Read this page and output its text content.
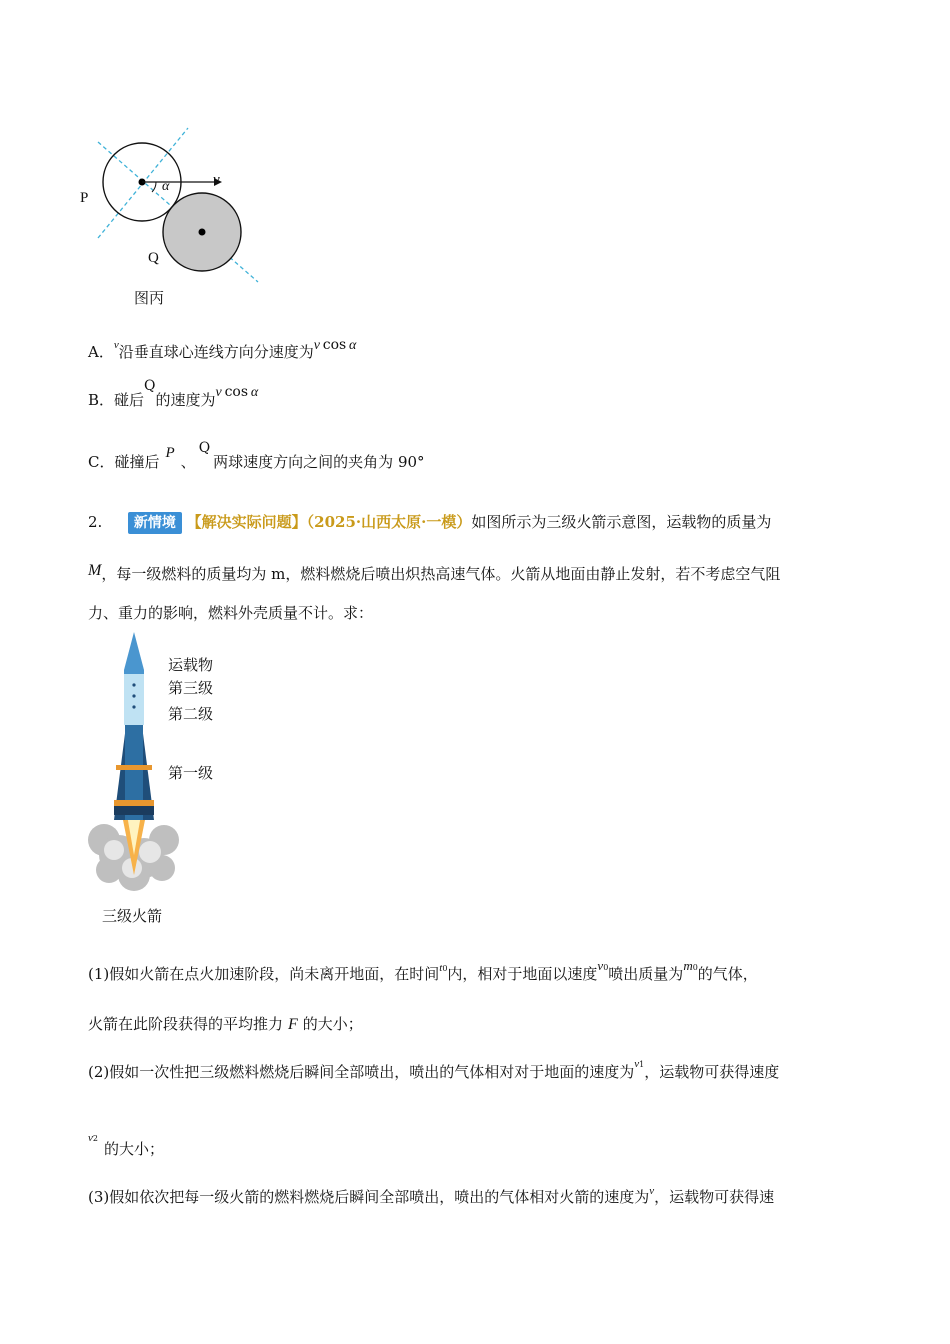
P
Q
v
α
图丙
A．$^v$沿垂直球心连线方向分速度为v  cos  α
B．碰后Q的速度为v  cos  α
C．碰撞后 P 、Q两球速度方向之间的夹角为 90°
2. 新情境 【解决实际问题】（2025·山西太原·一模）如图所示为三级火箭示意图，运载物的质量为
M，每一级燃料的质量均为 m，燃料燃烧后喷出炽热高速气体。火箭从地面由静止发射，若不考虑空气阻
力、重力的影响，燃料外壳质量不计。求：
运载物
第三级
第二级
第一级
三级火箭
(1)假如火箭在点火加速阶段，尚未离开地面，在时间t0内，相对于地面以速度v0喷出质量为m0的气体，
火箭在此阶段获得的平均推力 F 的大小；
(2)假如一次性把三级燃料燃烧后瞬间全部喷出，喷出的气体相对对于地面的速度为v1，运载物可获得速度
v2
的大小；
(3)假如依次把每一级火箭的燃料燃烧后瞬间全部喷出，喷出的气体相对火箭的速度为$^v$，运载物可获得速
